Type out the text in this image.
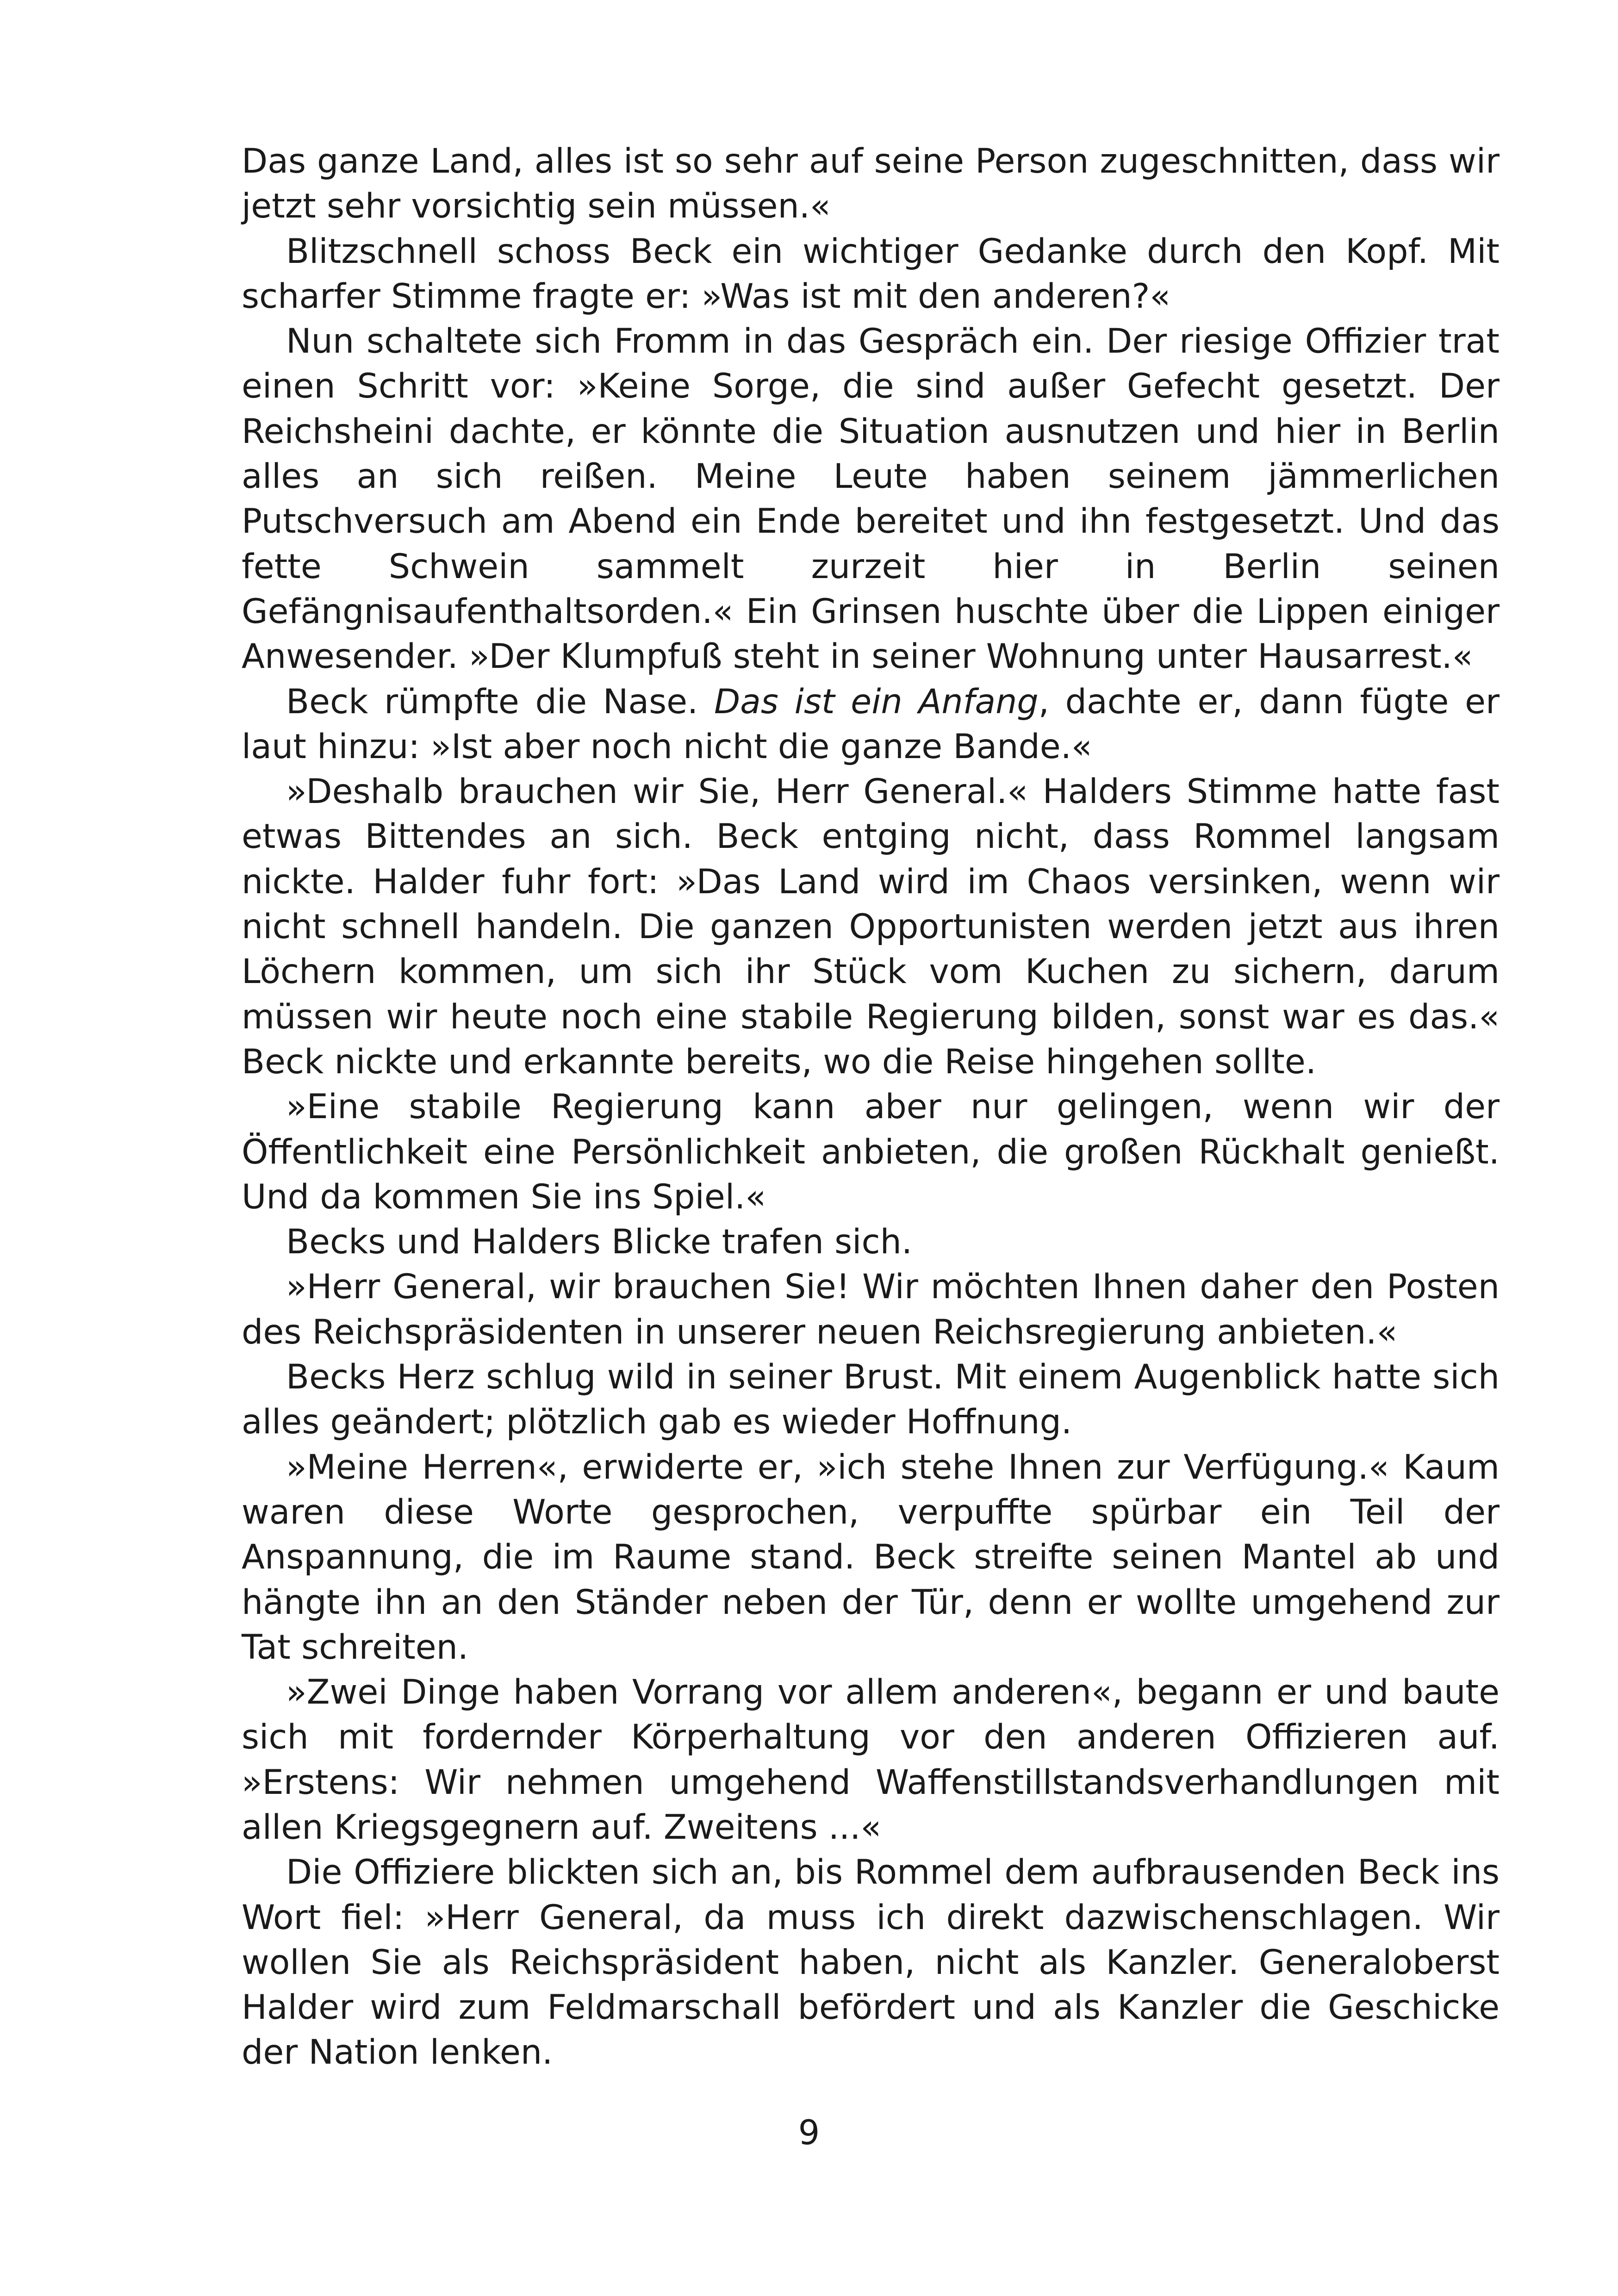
Das ganze Land, alles ist so sehr auf seine Person zugeschnitten, dass wir jetzt sehr vorsichtig sein müssen.«

Blitzschnell schoss Beck ein wichtiger Gedanke durch den Kopf. Mit scharfer Stimme fragte er: »Was ist mit den anderen?«

Nun schaltete sich Fromm in das Gespräch ein. Der riesige Offizier trat einen Schritt vor: »Keine Sorge, die sind außer Gefecht gesetzt. Der Reichsheini dachte, er könnte die Situation ausnutzen und hier in Berlin alles an sich reißen. Meine Leute haben seinem jämmerlichen Putschversuch am Abend ein Ende bereitet und ihn festgesetzt. Und das fette Schwein sammelt zurzeit hier in Berlin seinen Gefängnisaufenthaltsorden.« Ein Grinsen huschte über die Lippen einiger Anwesender. »Der Klumpfuß steht in seiner Wohnung unter Hausarrest.«

Beck rümpfte die Nase. Das ist ein Anfang, dachte er, dann fügte er laut hinzu: »Ist aber noch nicht die ganze Bande.«

»Deshalb brauchen wir Sie, Herr General.« Halders Stimme hatte fast etwas Bittendes an sich. Beck entging nicht, dass Rommel langsam nickte. Halder fuhr fort: »Das Land wird im Chaos versinken, wenn wir nicht schnell handeln. Die ganzen Opportunisten werden jetzt aus ihren Löchern kommen, um sich ihr Stück vom Kuchen zu sichern, darum müssen wir heute noch eine stabile Regierung bilden, sonst war es das.« Beck nickte und erkannte bereits, wo die Reise hingehen sollte.

»Eine stabile Regierung kann aber nur gelingen, wenn wir der Öffentlichkeit eine Persönlichkeit anbieten, die großen Rückhalt genießt. Und da kommen Sie ins Spiel.«

Becks und Halders Blicke trafen sich.

»Herr General, wir brauchen Sie! Wir möchten Ihnen daher den Posten des Reichspräsidenten in unserer neuen Reichsregierung anbieten.«

Becks Herz schlug wild in seiner Brust. Mit einem Augenblick hatte sich alles geändert; plötzlich gab es wieder Hoffnung.

»Meine Herren«, erwiderte er, »ich stehe Ihnen zur Verfügung.« Kaum waren diese Worte gesprochen, verpuffte spürbar ein Teil der Anspannung, die im Raume stand. Beck streifte seinen Mantel ab und hängte ihn an den Ständer neben der Tür, denn er wollte umgehend zur Tat schreiten.

»Zwei Dinge haben Vorrang vor allem anderen«, begann er und baute sich mit fordernder Körperhaltung vor den anderen Offizieren auf. »Erstens: Wir nehmen umgehend Waffenstillstandsverhandlungen mit allen Kriegsgegnern auf. Zweitens ...«

Die Offiziere blickten sich an, bis Rommel dem aufbrausenden Beck ins Wort fiel: »Herr General, da muss ich direkt dazwischenschlagen. Wir wollen Sie als Reichspräsident haben, nicht als Kanzler. Generaloberst Halder wird zum Feldmarschall befördert und als Kanzler die Geschicke der Nation lenken.

9
